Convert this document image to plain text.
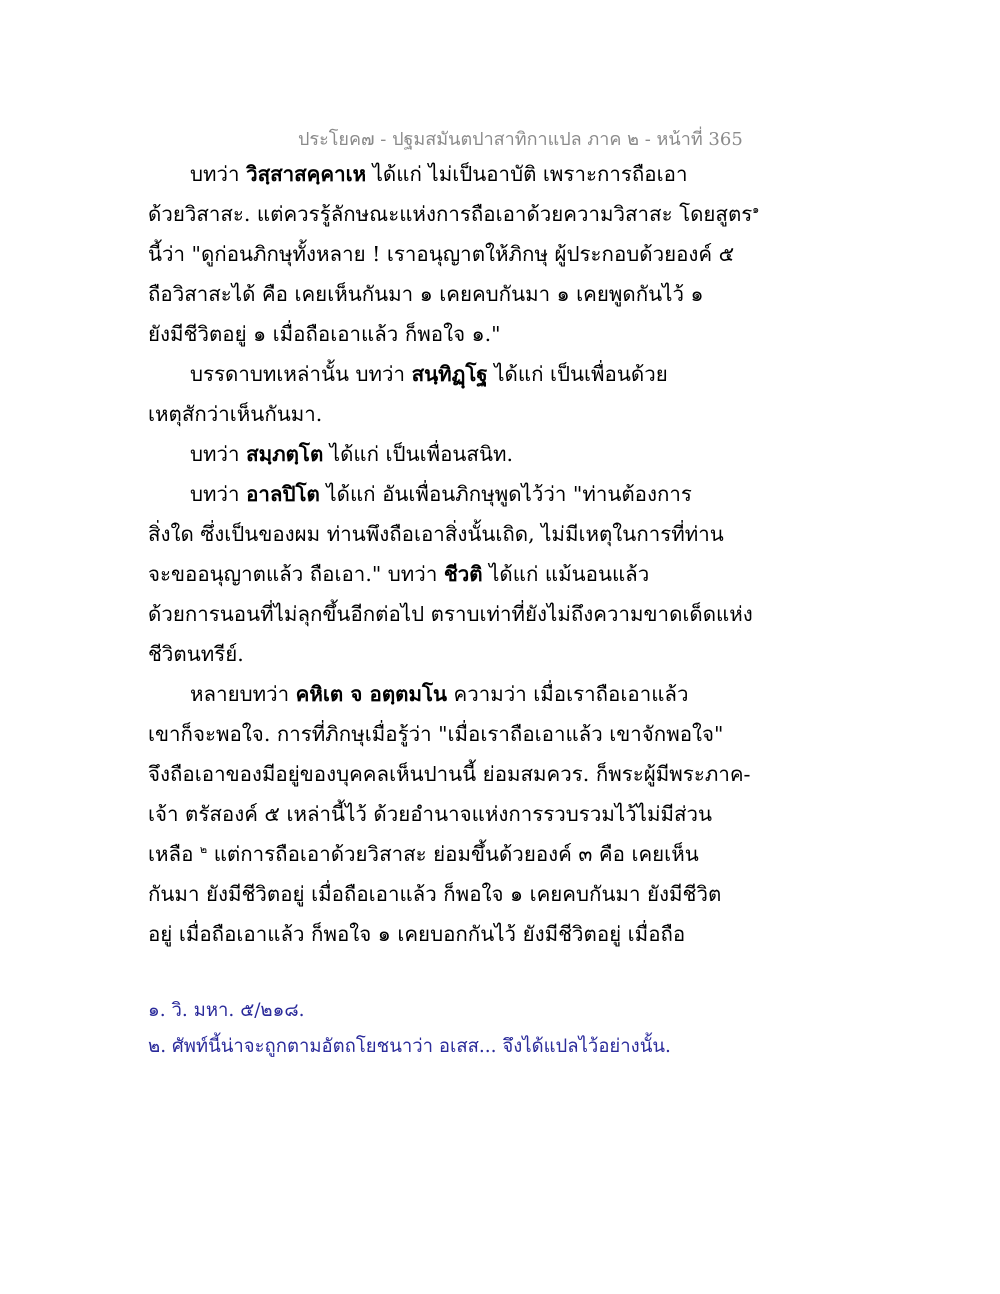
ประโยค๗ - ปฐมสมันตปาสาทิกาแปล ภาค ๒ - หน้าที่ 365
บทว่า วิสฺสาสคฺคาเห ได้แก่ ไม่เป็นอาบัติ เพราะการถือเอา
ด้วยวิสาสะ. แต่ควรรู้ลักษณะแห่งการถือเอาด้วยความวิสาสะ โดยสูตร$^๑$
นี้ว่า "ดูก่อนภิกษุทั้งหลาย ! เราอนุญาตให้ภิกษุ ผู้ประกอบด้วยองค์ ๕
ถือวิสาสะได้ คือ เคยเห็นกันมา ๑ เคยคบกันมา ๑ เคยพูดกันไว้ ๑
ยังมีชีวิตอยู่ ๑ เมื่อถือเอาแล้ว ก็พอใจ ๑."
บรรดาบทเหล่านั้น บทว่า สนฺทิฏฺโฐ ได้แก่ เป็นเพื่อนด้วย
เหตุสักว่าเห็นกันมา.
บทว่า สมฺภตฺโต ได้แก่ เป็นเพื่อนสนิท.
บทว่า อาลปิโต ได้แก่ อันเพื่อนภิกษุพูดไว้ว่า "ท่านต้องการ
สิ่งใด ซึ่งเป็นของผม ท่านพึงถือเอาสิ่งนั้นเถิด, ไม่มีเหตุในการที่ท่าน
จะขออนุญาตแล้ว ถือเอา." บทว่า ชีวติ ได้แก่ แม้นอนแล้ว
ด้วยการนอนที่ไม่ลุกขึ้นอีกต่อไป ตราบเท่าที่ยังไม่ถึงความขาดเด็ดแห่ง
ชีวิตนทรีย์.
หลายบทว่า คหิเต จ อตฺตมโน ความว่า เมื่อเราถือเอาแล้ว
เขาก็จะพอใจ. การที่ภิกษุเมื่อรู้ว่า "เมื่อเราถือเอาแล้ว เขาจักพอใจ"
จึงถือเอาของมีอยู่ของบุคคลเห็นปานนี้ ย่อมสมควร. ก็พระผู้มีพระภาค-
เจ้า ตรัสองค์ ๕ เหล่านี้ไว้ ด้วยอำนาจแห่งการรวบรวมไว้ไม่มีส่วน
เหลือ $^๒$ แต่การถือเอาด้วยวิสาสะ ย่อมขึ้นด้วยองค์ ๓ คือ เคยเห็น
กันมา ยังมีชีวิตอยู่ เมื่อถือเอาแล้ว ก็พอใจ ๑ เคยคบกันมา ยังมีชีวิต
อยู่ เมื่อถือเอาแล้ว ก็พอใจ ๑ เคยบอกกันไว้ ยังมีชีวิตอยู่ เมื่อถือ
๑. วิ. มหา. ๕/๒๑๘.
๒. ศัพท์นี้น่าจะถูกตามอัตถโยชนาว่า อเสส... จึงได้แปลไว้อย่างนั้น.
